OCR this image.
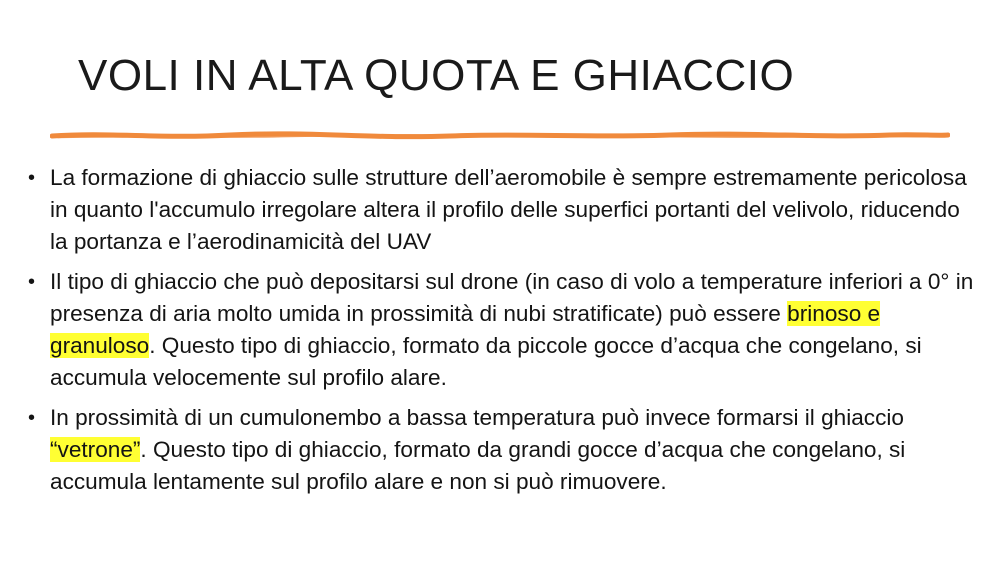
VOLI IN ALTA QUOTA E GHIACCIO
• La formazione di ghiaccio sulle strutture dell’aeromobile è sempre estremamente pericolosa in quanto l'accumulo irregolare altera il profilo delle superfici portanti del velivolo, riducendo la portanza e l’aerodinamicità del UAV
• Il tipo di ghiaccio che può depositarsi sul drone (in caso di volo a temperature inferiori a 0° in presenza di aria molto umida in prossimità di nubi stratificate) può essere brinoso e granuloso. Questo tipo di ghiaccio, formato da piccole gocce d’acqua che congelano, si accumula velocemente sul profilo alare.
• In prossimità di un cumulonembo a bassa temperatura può invece formarsi il ghiaccio “vetrone”. Questo tipo di ghiaccio, formato da grandi gocce d’acqua che congelano, si accumula lentamente sul profilo alare e non si può rimuovere.
